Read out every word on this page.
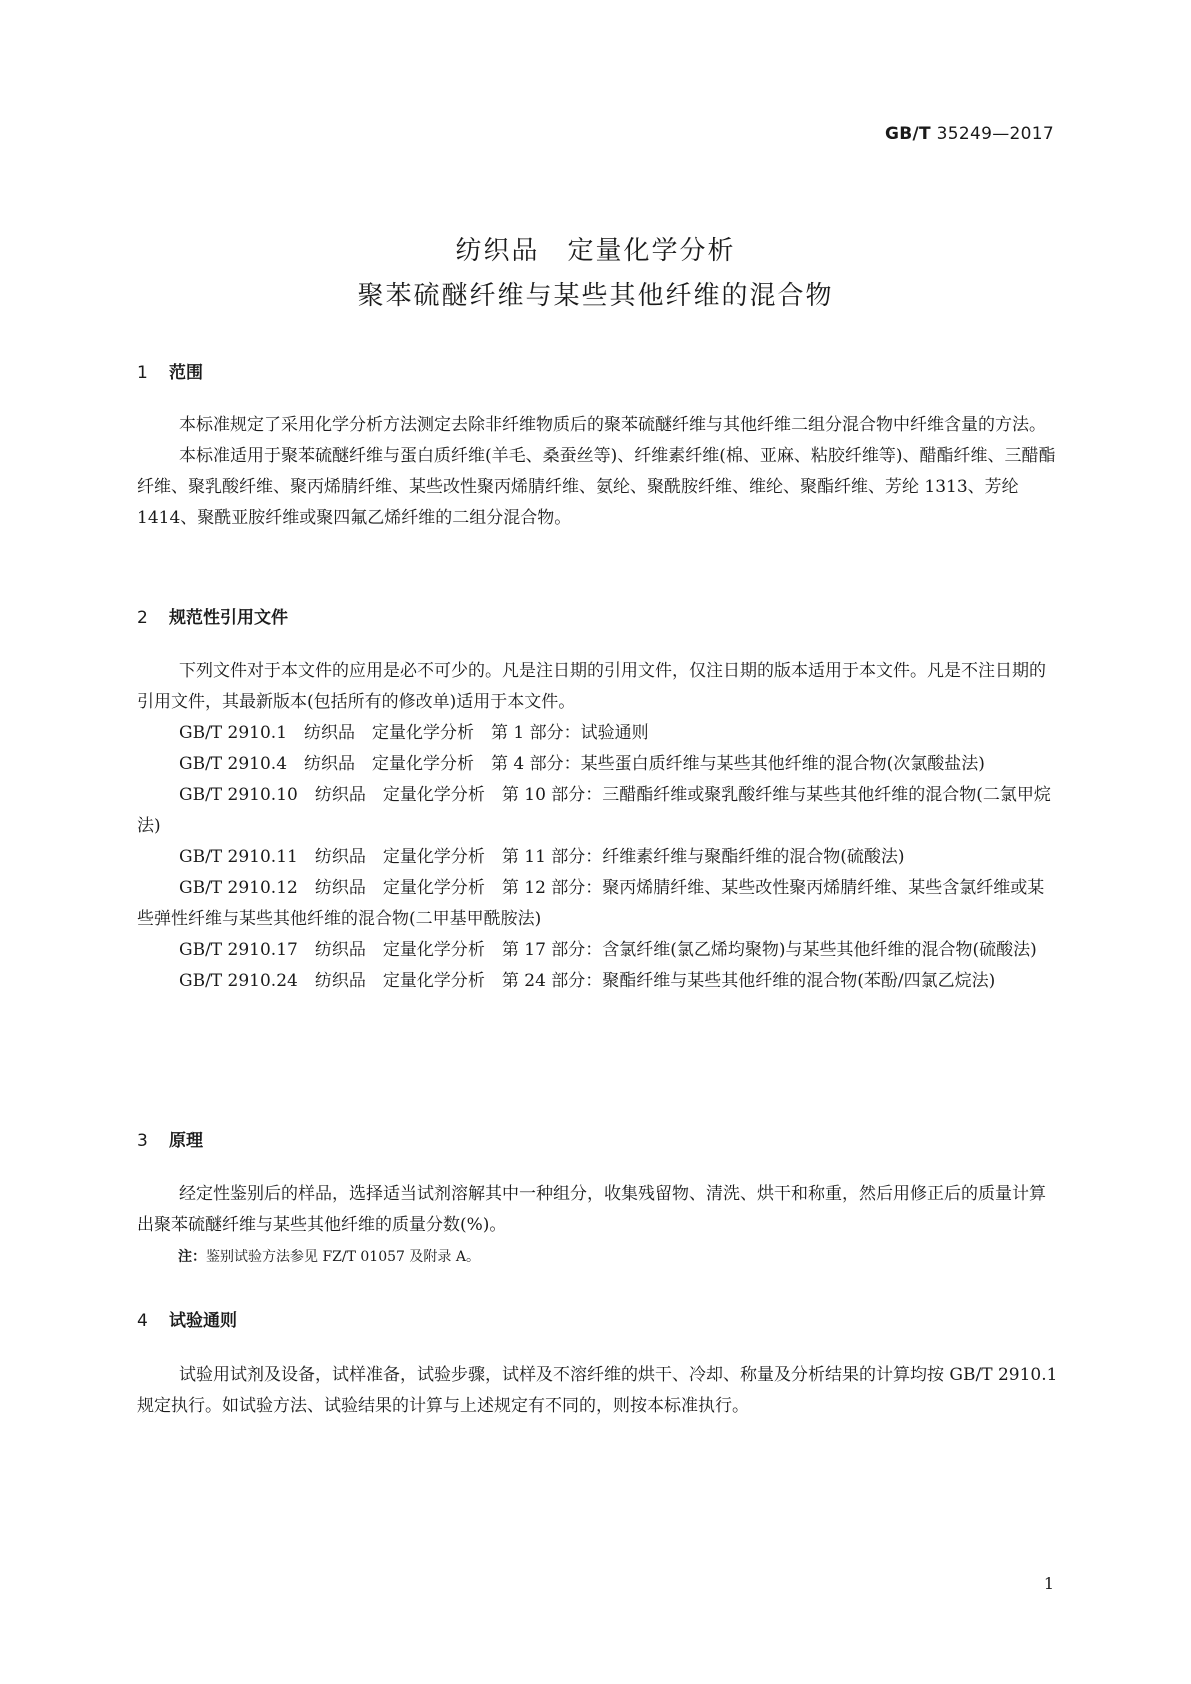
GB/T 35249—2017
纺织品　定量化学分析
聚苯硫醚纤维与某些其他纤维的混合物
1 范围

本标准规定了采用化学分析方法测定去除非纤维物质后的聚苯硫醚纤维与其他纤维二组分混合物中纤维含量的方法。

本标准适用于聚苯硫醚纤维与蛋白质纤维(羊毛、桑蚕丝等)、纤维素纤维(棉、亚麻、粘胶纤维等)、醋酯纤维、三醋酯纤维、聚乳酸纤维、聚丙烯腈纤维、某些改性聚丙烯腈纤维、氨纶、聚酰胺纤维、维纶、聚酯纤维、芳纶 1313、芳纶 1414、聚酰亚胺纤维或聚四氟乙烯纤维的二组分混合物。

2 规范性引用文件

下列文件对于本文件的应用是必不可少的。凡是注日期的引用文件，仅注日期的版本适用于本文件。凡是不注日期的引用文件，其最新版本(包括所有的修改单)适用于本文件。

GB/T 2910.1　 纺织品　定量化学分析　第 1 部分：试验通则

GB/T 2910.4　 纺织品　定量化学分析　第 4 部分：某些蛋白质纤维与某些其他纤维的混合物(次氯酸盐法)

GB/T 2910.10　 纺织品　定量化学分析　第 10 部分：三醋酯纤维或聚乳酸纤维与某些其他纤维的混合物(二氯甲烷法)

GB/T 2910.11　 纺织品　定量化学分析　第 11 部分：纤维素纤维与聚酯纤维的混合物(硫酸法)

GB/T 2910.12　 纺织品　定量化学分析　第 12 部分：聚丙烯腈纤维、某些改性聚丙烯腈纤维、某些含氯纤维或某些弹性纤维与某些其他纤维的混合物(二甲基甲酰胺法)

GB/T 2910.17　 纺织品　定量化学分析　第 17 部分：含氯纤维(氯乙烯均聚物)与某些其他纤维的混合物(硫酸法)

GB/T 2910.24　 纺织品　定量化学分析　第 24 部分：聚酯纤维与某些其他纤维的混合物(苯酚/四氯乙烷法)

3 原理

经定性鉴别后的样品，选择适当试剂溶解其中一种组分，收集残留物、清洗、烘干和称重，然后用修正后的质量计算出聚苯硫醚纤维与某些其他纤维的质量分数(%)。

注：鉴别试验方法参见 FZ/T 01057 及附录 A。
4 试验通则

试验用试剂及设备，试样准备，试验步骤，试样及不溶纤维的烘干、冷却、称量及分析结果的计算均按 GB/T 2910.1 规定执行。如试验方法、试验结果的计算与上述规定有不同的，则按本标准执行。

1
